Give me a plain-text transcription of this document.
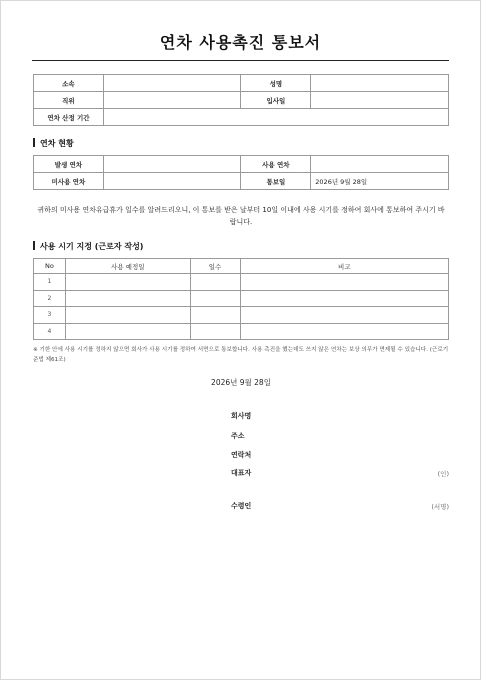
연차 사용촉진 통보서
소속		성명	
직위		입사일	
연차 산정 기간			
연차 현황
발생 연차		사용 연차	
미사용 연차		통보일	2026년 9월 28일
귀하의 미사용 연차유급휴가 일수를 알려드리오니, 이 통보를 받은 날부터 10일 이내에 사용 시기를 정하여 회사에 통보하여 주시기 바랍니다.
사용 시기 지정 (근로자 작성)
No	사용 예정일	일수	비고
1			
2			
3			
4			
※ 기한 안에 사용 시기를 정하지 않으면 회사가 사용 시기를 정하여 서면으로 통보합니다. 사용 촉진을 했는데도 쓰지 않은 연차는 보상 의무가 면제될 수 있습니다. (근로기준법 제61조)
2026년 9월 28일
회사명
주소
연락처
대표자	(인)
수령인	(서명)
